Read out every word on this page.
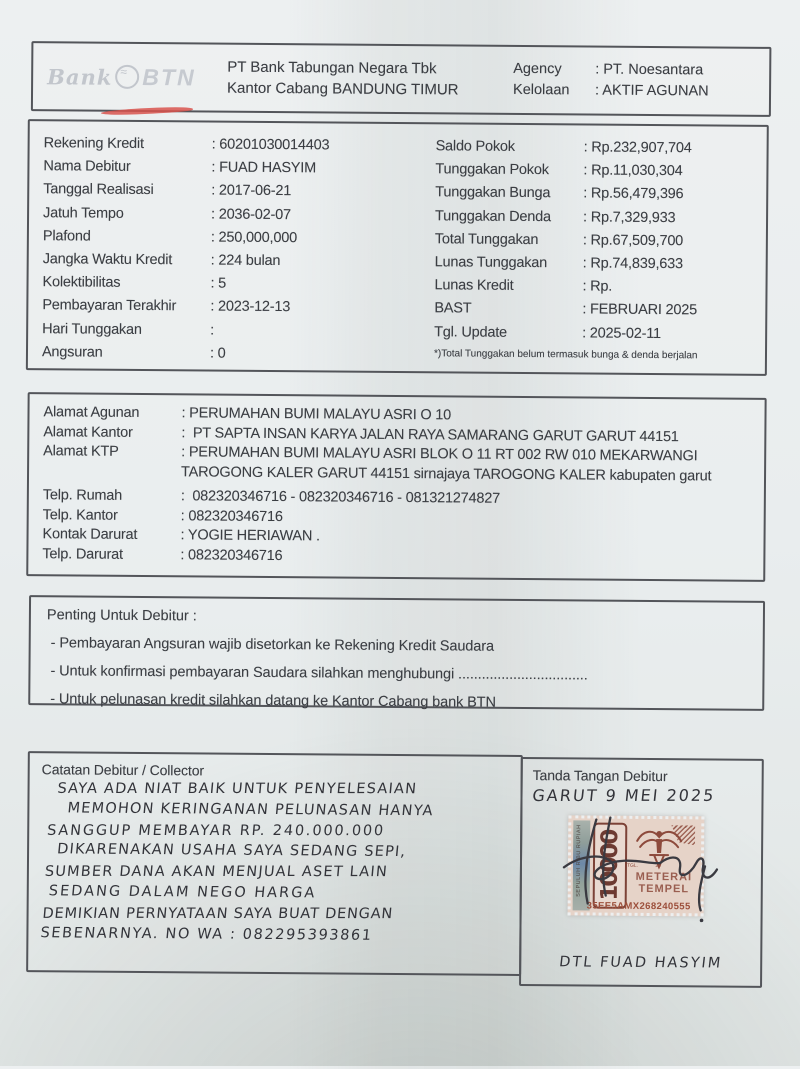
Bank ≈ BTN	PT Bank Tabungan Negara Tbk
Kantor Cabang BANDUNG TIMUR
Agency	: PT. Noesantara
Kelolaan	: AKTIF AGUNAN
Rekening Kredit	: 60201030014403
Nama Debitur	: FUAD HASYIM
Tanggal Realisasi	: 2017-06-21
Jatuh Tempo	: 2036-02-07
Plafond	: 250,000,000
Jangka Waktu Kredit	: 224 bulan
Kolektibilitas	: 5
Pembayaran Terakhir	: 2023-12-13
Hari Tunggakan	:
Angsuran	: 0
Saldo Pokok	: Rp.232,907,704
Tunggakan Pokok	: Rp.11,030,304
Tunggakan Bunga	: Rp.56,479,396
Tunggakan Denda	: Rp.7,329,933
Total Tunggakan	: Rp.67,509,700
Lunas Tunggakan	: Rp.74,839,633
Lunas Kredit	: Rp.
BAST	: FEBRUARI 2025
Tgl. Update	: 2025-02-11
*)Total Tunggakan belum termasuk bunga & denda berjalan
Alamat Agunan	: PERUMAHAN BUMI MALAYU ASRI O 10
Alamat Kantor	:  PT SAPTA INSAN KARYA JALAN RAYA SAMARANG GARUT GARUT 44151
Alamat KTP	: PERUMAHAN BUMI MALAYU ASRI BLOK O 11 RT 002 RW 010 MEKARWANGI TAROGONG KALER GARUT 44151 sirnajaya TAROGONG KALER kabupaten garut
Telp. Rumah	:  082320346716 - 082320346716 - 081321274827
Telp. Kantor	: 082320346716
Kontak Darurat	: YOGIE HERIAWAN .
Telp. Darurat	: 082320346716
Penting Untuk Debitur :
- Pembayaran Angsuran wajib disetorkan ke Rekening Kredit Saudara
- Untuk konfirmasi pembayaran Saudara silahkan menghubungi .................................
- Untuk pelunasan kredit silahkan datang ke Kantor Cabang bank BTN
Catatan Debitur / Collector
SAYA ADA NIAT BAIK UNTUK PENYELESAIAN
MEMOHON KERINGANAN PELUNASAN HANYA
SANGGUP MEMBAYAR RP. 240.000.000
DIKARENAKAN USAHA SAYA SEDANG SEPI,
SUMBER DANA AKAN MENJUAL ASET LAIN
SEDANG DALAM NEGO HARGA
DEMIKIAN PERNYATAAN SAYA BUAT DENGAN
SEBENARNYA. NO WA : 082295393861
Tanda Tangan Debitur
GARUT 9 MEI 2025
SEPULUH RIBU RUPIAH 10000 TGL.	20
METERAI
TEMPEL
35EE5AMX268240555
DTL FUAD HASYIM
